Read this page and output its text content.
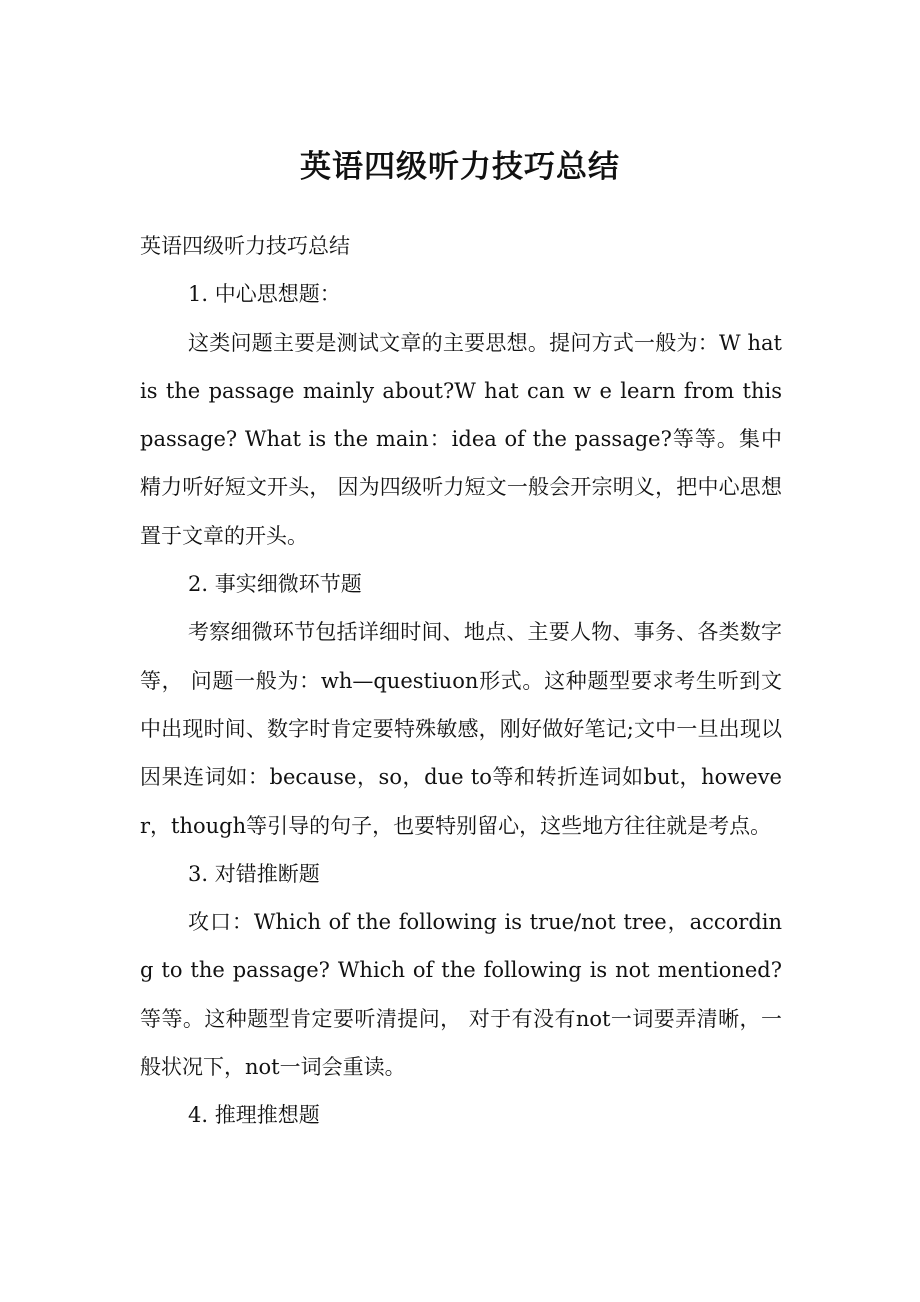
英语四级听力技巧总结

英语四级听力技巧总结

1. 中心思想题：

这类问题主要是测试文章的主要思想。提问方式一般为：W hat is the passage mainly about?W hat can w e learn from this passage? What is the main：idea of the passage?等等。集中精力听好短文开头， 因为四级听力短文一般会开宗明义，把中心思想置于文章的开头。

2. 事实细微环节题

考察细微环节包括详细时间、地点、主要人物、事务、各类数字等， 问题一般为：wh—questiuon形式。这种题型要求考生听到文中出现时间、数字时肯定要特殊敏感，刚好做好笔记;文中一旦出现以因果连词如：because，so，due to等和转折连词如but，however，though等引导的句子，也要特别留心，这些地方往往就是考点。

3. 对错推断题

攻口：Which of the following is true/not tree，according to the passage? Which of the following is not mentioned?等等。这种题型肯定要听清提问， 对于有没有not一词要弄清晰，一般状况下，not一词会重读。

4. 推理推想题
